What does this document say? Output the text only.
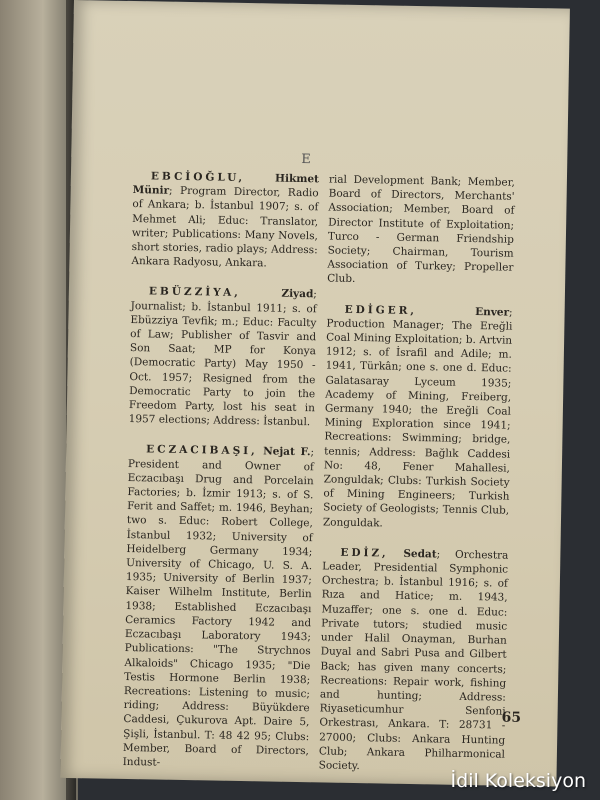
E

EBCİOĞLU,	Hikmet Münir; Program Director, Radio of Ankara; b. İstanbul 1907; s. of Mehmet Ali; Educ: Translator, writer; Publications: Many Novels, short stories, radio plays; Address: Ankara Radyosu, Ankara.

EBÜZZİYA,	Ziyad; Journalist; b. İstanbul 1911; s. of Ebüzziya Tevfik; m.; Educ: Faculty of Law; Publisher of Tasvir and Son Saat; MP for Konya (Democratic Party) May 1950 - Oct. 1957; Resigned from the Democratic Party to join the Freedom Party, lost his seat in 1957 elections; Address: İstanbul.

ECZACIBAŞI, Nejat F.; President and Owner of Eczacıbaşı Drug and Porcelain Factories; b. İzmir 1913; s. of S. Ferit and Saffet; m. 1946, Beyhan; two s. Educ: Robert College, İstanbul 1932; University of Heidelberg Germany 1934; University of Chicago, U. S. A. 1935; University of Berlin 1937; Kaiser Wilhelm Institute, Berlin 1938; Established Eczacıbaşı Ceramics Factory 1942 and Eczacıbaşı Laboratory 1943; Publications: "The Strychnos Alkaloids" Chicago 1935; "Die Testis Hormone Berlin 1938; Recreations: Listening to music; riding; Address: Büyükdere Caddesi, Çukurova Apt. Daire 5, Şişli, İstanbul. T: 48 42 95; Clubs: Member, Board of Directors, Indust-

rial Development Bank; Member, Board of Directors, Merchants' Association; Member, Board of Director Institute of Exploitation; Turco - German Friendship Society; Chairman, Tourism Association of Turkey; Propeller Club.

EDİGER,	Enver; Production Manager; The Ereğli Coal Mining Exploitation; b. Artvin 1912; s. of İsrafil and Adile; m. 1941, Türkân; one s. one d. Educ: Galatasaray Lyceum 1935; Academy of Mining, Freiberg, Germany 1940; the Ereğli Coal Mining Exploration since 1941; Recreations: Swimming; bridge, tennis; Address: Bağlık Caddesi No: 48, Fener Mahallesi, Zonguldak; Clubs: Turkish Society of Mining Engineers; Turkish Society of Geologists; Tennis Club, Zonguldak.

EDİZ, Sedat; Orchestra Leader, Presidential Symphonic Orchestra; b. İstanbul 1916; s. of Rıza and Hatice; m. 1943, Muzaffer; one s. one d. Educ: Private tutors; studied music under Halil Onayman, Burhan Duyal and Sabri Pusa and Gilbert Back; has given many concerts; Recreations: Repair work, fishing and hunting; Address: Riyaseticumhur Senfoni Orkestrası, Ankara. T: 28731 - 27000; Clubs: Ankara Hunting Club; Ankara Philharmonical Society.

65
İdil Koleksiyon
